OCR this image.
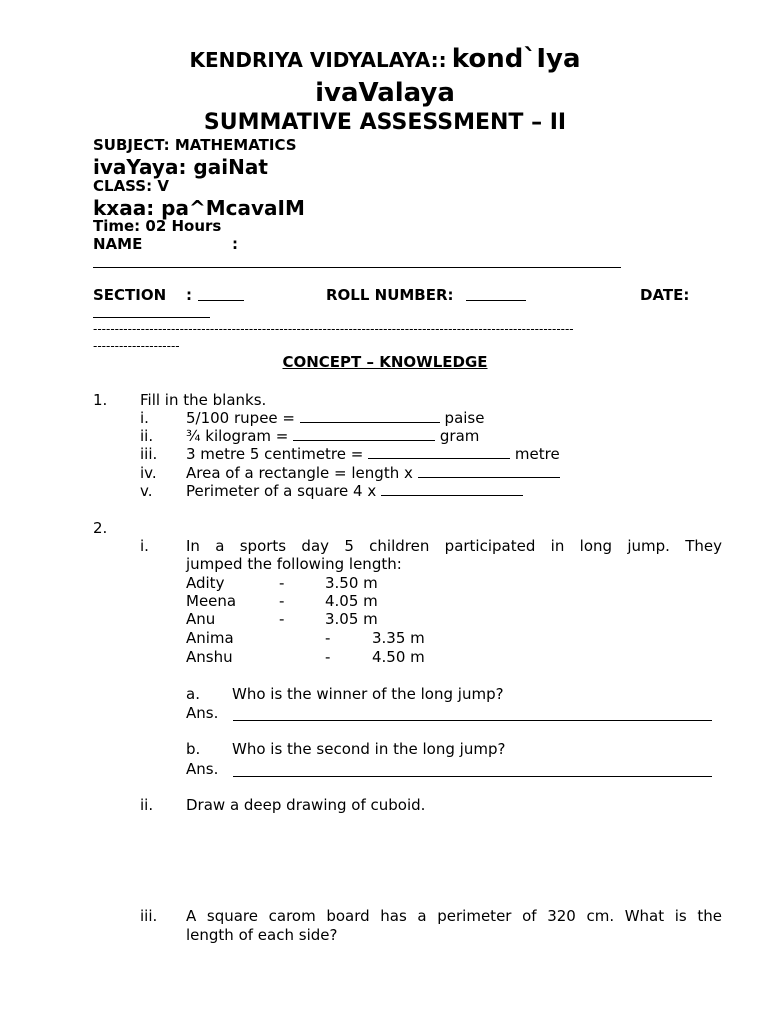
KENDRIYA VIDYALAYA:: kond`Iya
ivaValaya
SUMMATIVE ASSESSMENT – II
SUBJECT: MATHEMATICS
ivaYaya: gaiNat
CLASS: V
kxaa: pa^McavaIM
Time: 02 Hours
NAME	:
SECTION :	ROLL NUMBER:	DATE:
---------------------------------------------------------------------------------------------------------------
--------------------
CONCEPT – KNOWLEDGE
1. Fill in the blanks.
i. 5/100 rupee =	paise
ii. ¾ kilogram =	gram
iii. 3 metre 5 centimetre =	metre
iv. Area of a rectangle = length x
v. Perimeter of a square 4 x
2.
i. In a sports day 5 children participated in long jump. They
jumped the following length:
Adity	-	3.50 m
Meena	-	4.05 m
Anu	-	3.05 m
Anima	-	3.35 m
Anshu	-	4.50 m
a. Who is the winner of the long jump?
Ans.
b. Who is the second in the long jump?
Ans.
ii. Draw a deep drawing of cuboid.
iii. A square carom board has a perimeter of 320 cm. What is the
length of each side?
